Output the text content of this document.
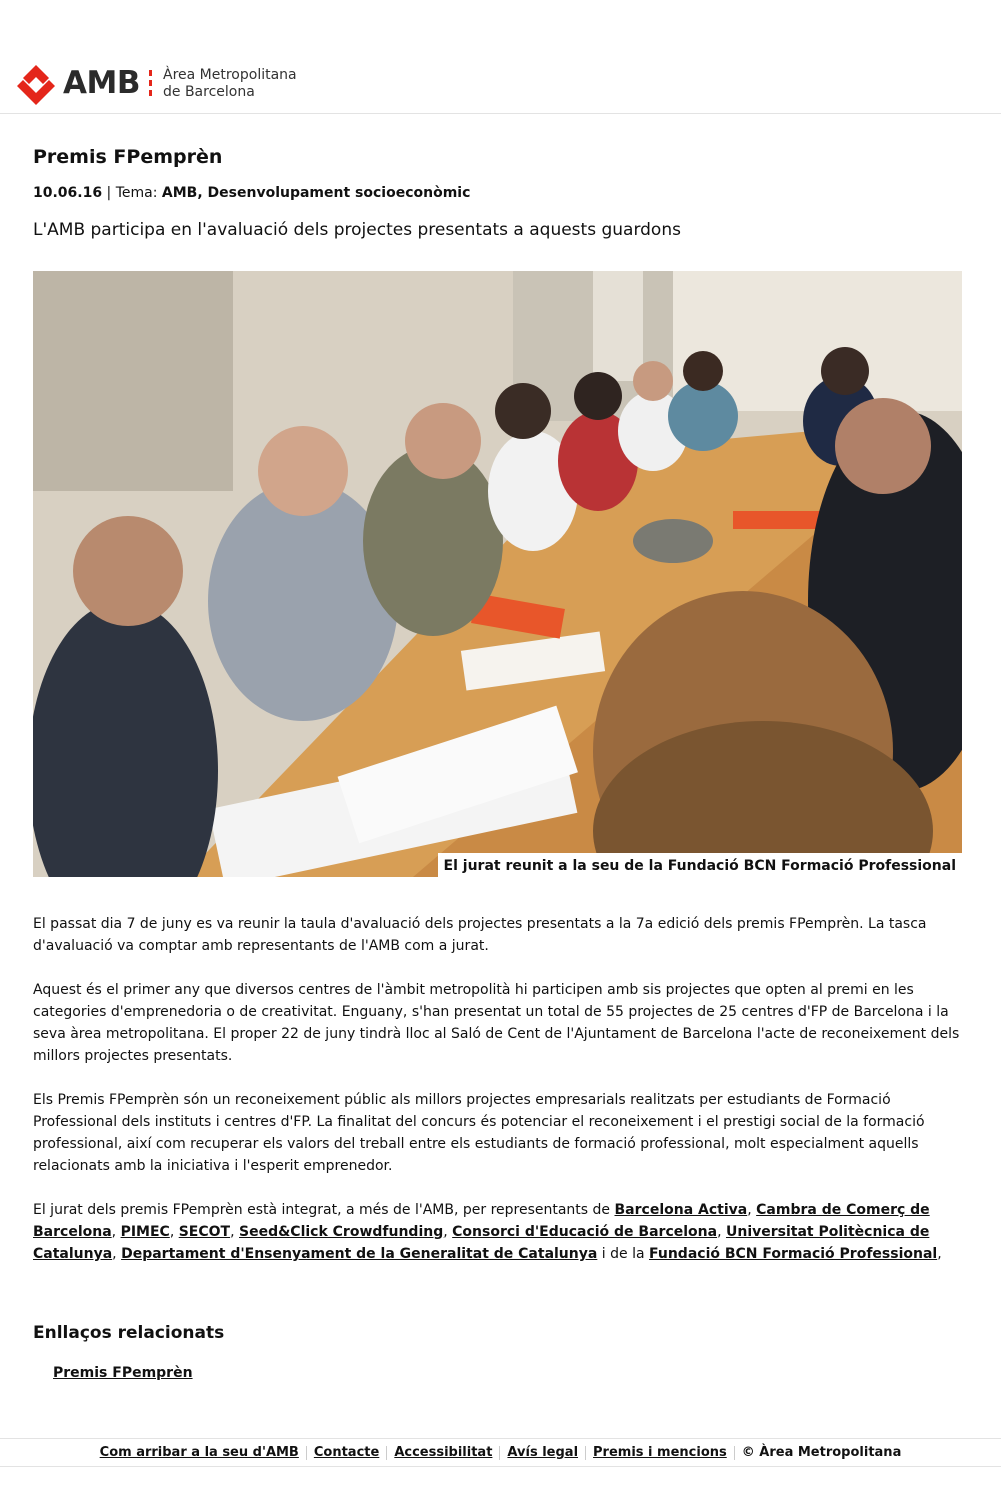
AMB Àrea Metropolitana
de Barcelona
Premis FPemprèn
10.06.16 | Tema: AMB, Desenvolupament socioeconòmic
L'AMB participa en l'avaluació dels projectes presentats a aquests guardons
El jurat reunit a la seu de la Fundació BCN Formació Professional

El passat dia 7 de juny es va reunir la taula d'avaluació dels projectes presentats a la 7a edició dels premis FPemprèn. La tasca d'avaluació va comptar amb representants de l'AMB com a jurat.

Aquest és el primer any que diversos centres de l'àmbit metropolità hi participen amb sis projectes que opten al premi en les categories d'emprenedoria o de creativitat. Enguany, s'han presentat un total de 55 projectes de 25 centres d'FP de Barcelona i la seva àrea metropolitana. El proper 22 de juny tindrà lloc al Saló de Cent de l'Ajuntament de Barcelona l'acte de reconeixement dels millors projectes presentats.

Els Premis FPemprèn són un reconeixement públic als millors projectes empresarials realitzats per estudiants de Formació Professional dels instituts i centres d'FP. La finalitat del concurs és potenciar el reconeixement i el prestigi social de la formació professional, així com recuperar els valors del treball entre els estudiants de formació professional, molt especialment aquells relacionats amb la iniciativa i l'esperit emprenedor.

El jurat dels premis FPemprèn està integrat, a més de l'AMB, per representants de Barcelona Activa, Cambra de Comerç de Barcelona, PIMEC, SECOT, Seed&Click Crowdfunding, Consorci d'Educació de Barcelona, Universitat Politècnica de Catalunya, Departament d'Ensenyament de la Generalitat de Catalunya i de la Fundació BCN Formació Professional,

Enllaços relacionats
Premis FPemprèn
Com arribar a la seu d'AMB Contacte Accessibilitat Avís legal Premis i mencions © Àrea Metropolitana
